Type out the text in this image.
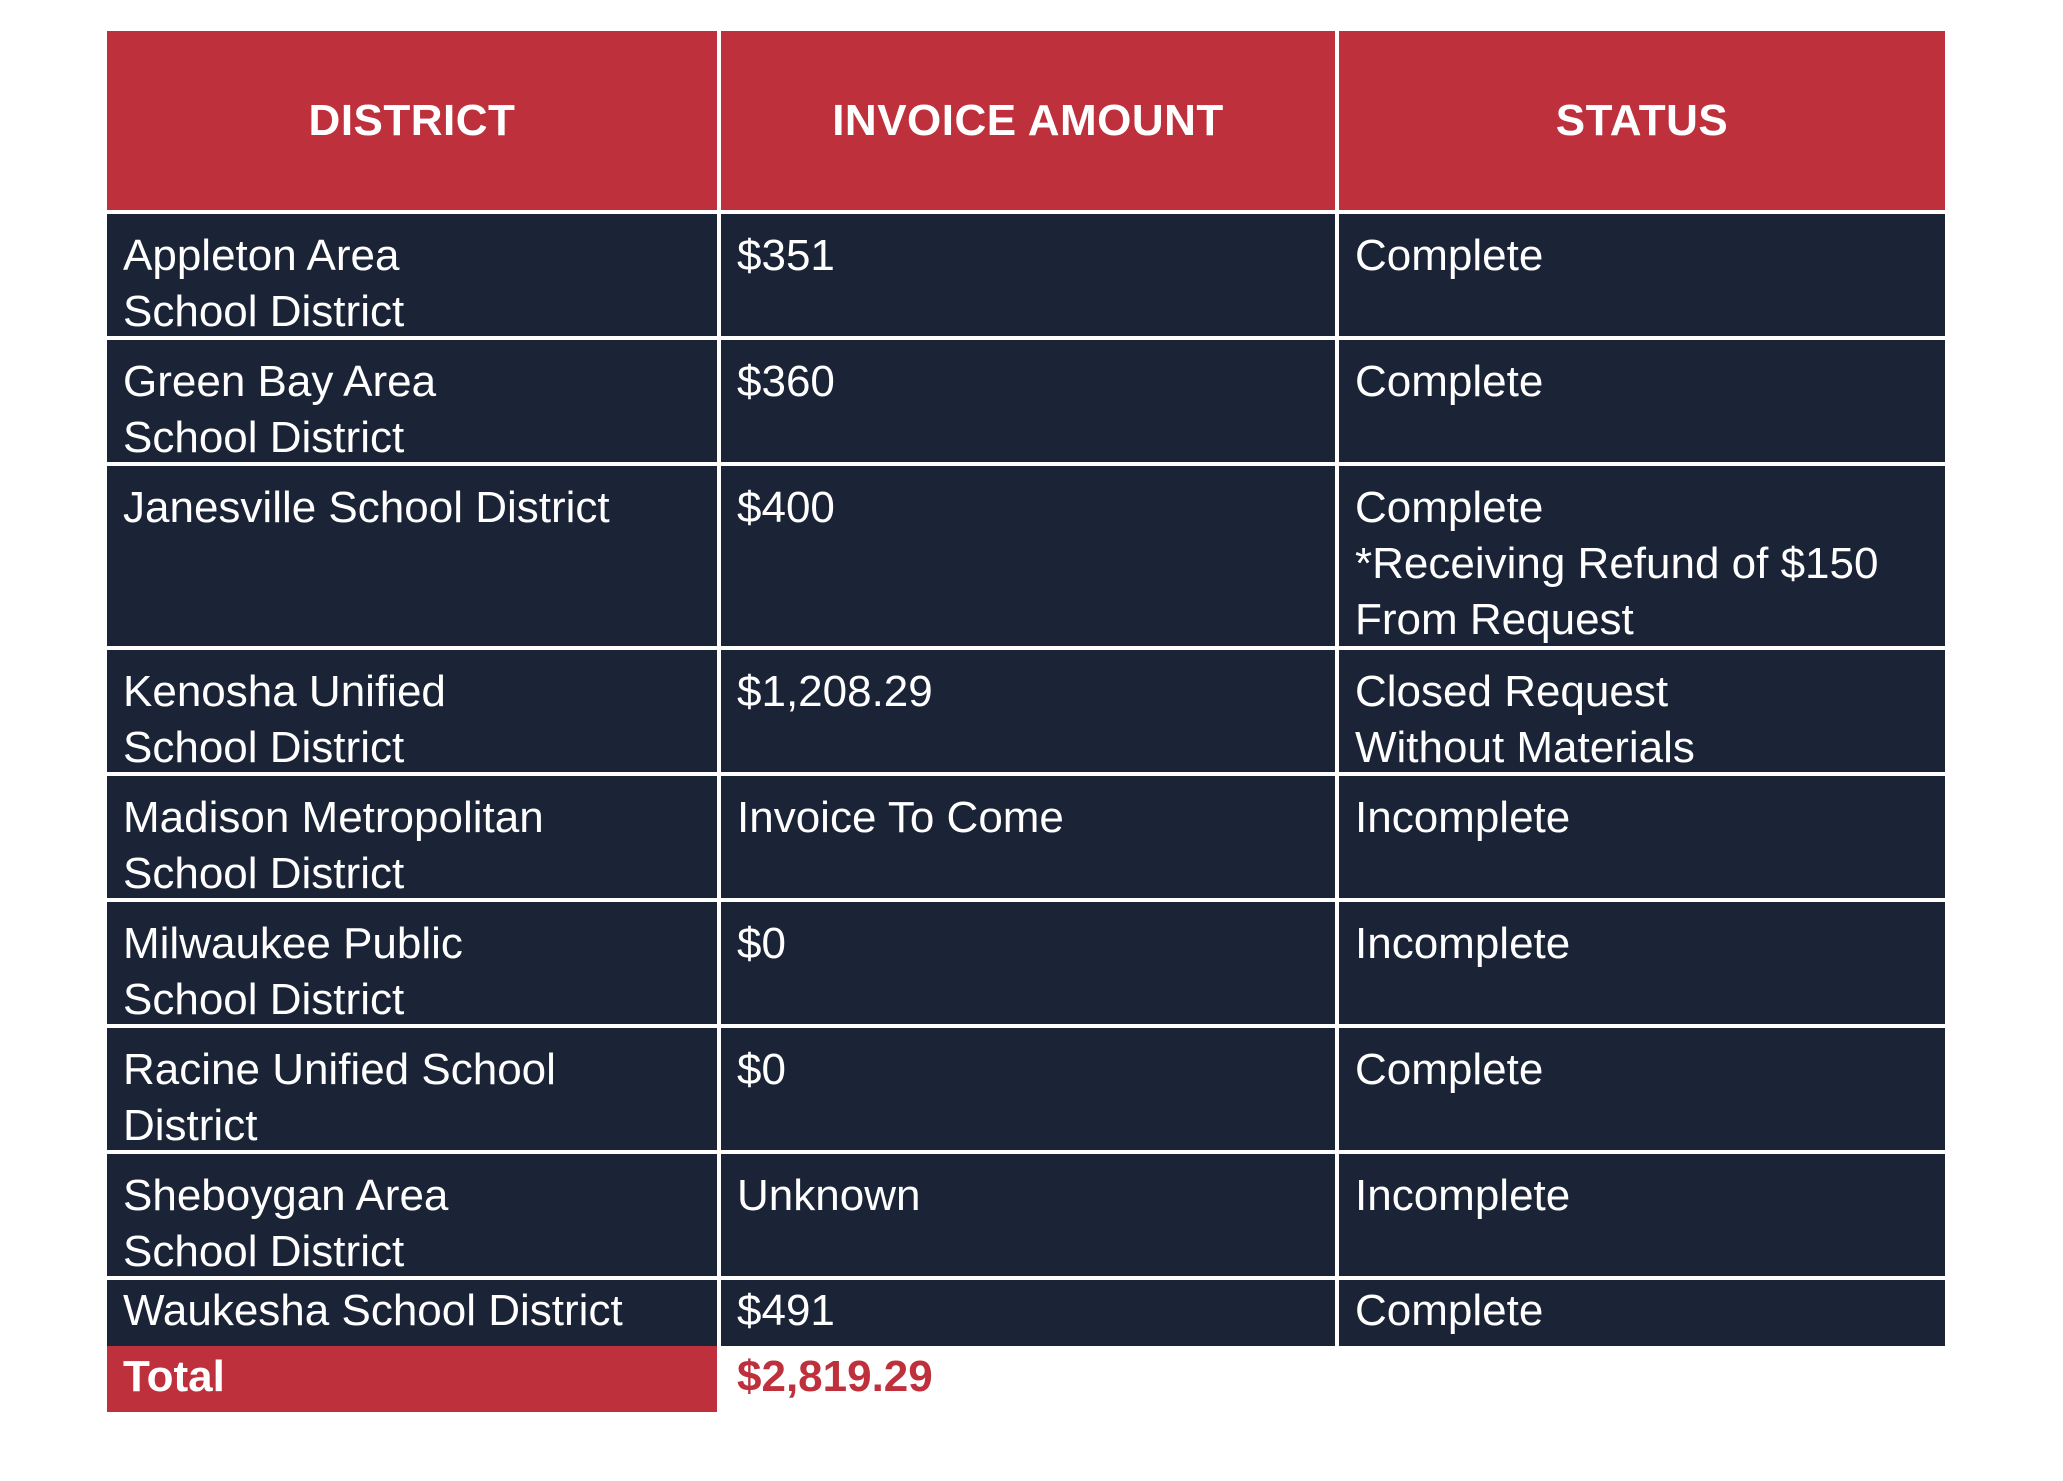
DISTRICT	INVOICE AMOUNT	STATUS
Appleton Area
School District
$351	Complete
Green Bay Area
School District
$360	Complete
Janesville School District	$400	Complete
*Receiving Refund of $150
From Request
Kenosha Unified
School District
$1,208.29	Closed Request
Without Materials
Madison Metropolitan
School District
Invoice To Come	Incomplete
Milwaukee Public
School District
$0	Incomplete
Racine Unified School
District
$0	Complete
Sheboygan Area
School District
Unknown	Incomplete
Waukesha School District	$491	Complete
Total	$2,819.29
